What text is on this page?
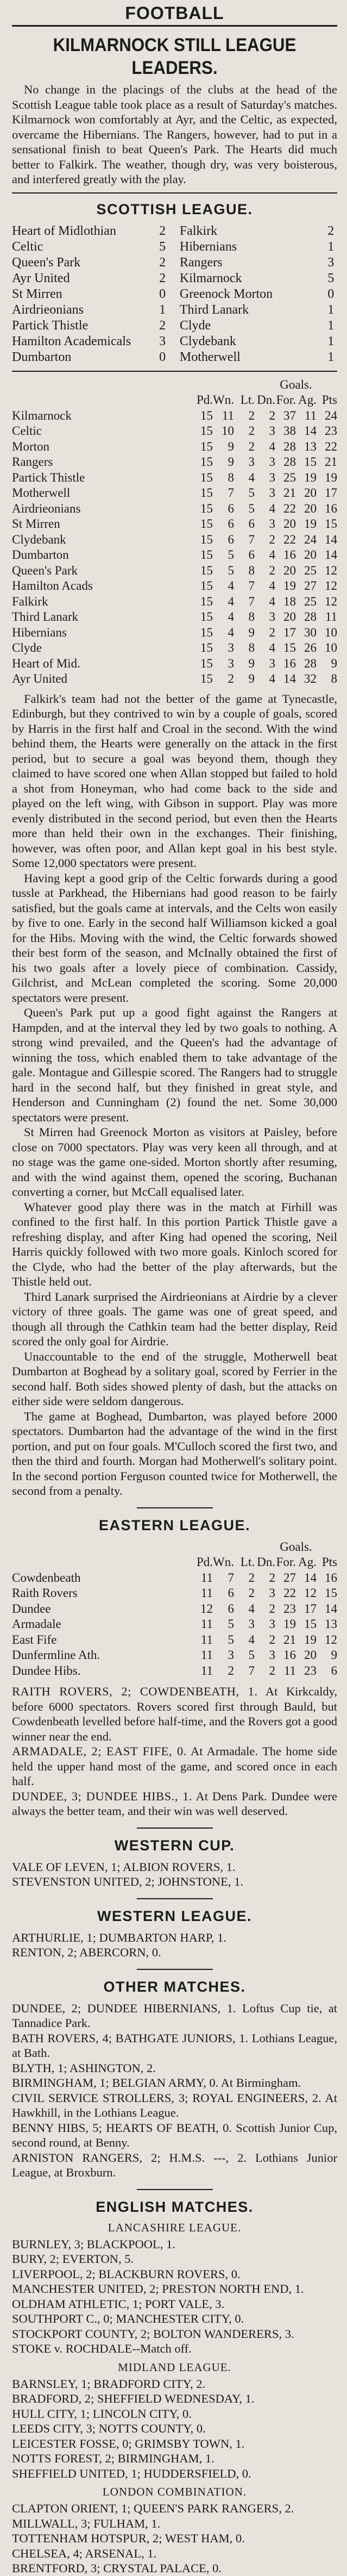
FOOTBALL
KILMARNOCK STILL LEAGUE
LEADERS.

No change in the placings of the clubs at the head of the Scottish League table took place as a result of Saturday's matches. Kilmarnock won comfortably at Ayr, and the Celtic, as expected, overcame the Hibernians. The Rangers, however, had to put in a sensational finish to beat Queen's Park. The Hearts did much better to Falkirk. The weather, though dry, was very boisterous, and interfered greatly with the play.

SCOTTISH LEAGUE.
Heart of Midlothian	2	Falkirk	2
Celtic	5	Hibernians	1
Queen's Park	2	Rangers	3
Ayr United	2	Kilmarnock	5
St Mirren	0	Greenock Morton	0
Airdrieonians	1	Third Lanark	1
Partick Thistle	2	Clyde	1
Hamilton Academicals	3	Clydebank	1
Dumbarton	0	Motherwell	1
					Goals.		
	Pd.	Wn.	Lt.	Dn.	For.	Ag.	Pts
Kilmarnock	15	11	2	2	37	11	24
Celtic	15	10	2	3	38	14	23
Morton	15	9	2	4	28	13	22
Rangers	15	9	3	3	28	15	21
Partick Thistle	15	8	4	3	25	19	19
Motherwell	15	7	5	3	21	20	17
Airdrieonians	15	6	5	4	22	20	16
St Mirren	15	6	6	3	20	19	15
Clydebank	15	6	7	2	22	24	14
Dumbarton	15	5	6	4	16	20	14
Queen's Park	15	5	8	2	20	25	12
Hamilton Acads	15	4	7	4	19	27	12
Falkirk	15	4	7	4	18	25	12
Third Lanark	15	4	8	3	20	28	11
Hibernians	15	4	9	2	17	30	10
Clyde	15	3	8	4	15	26	10
Heart of Mid.	15	3	9	3	16	28	9
Ayr United	15	2	9	4	14	32	8

Falkirk's team had not the better of the game at Tynecastle, Edinburgh, but they contrived to win by a couple of goals, scored by Harris in the first half and Croal in the second. With the wind behind them, the Hearts were generally on the attack in the first period, but to secure a goal was beyond them, though they claimed to have scored one when Allan stopped but failed to hold a shot from Honeyman, who had come back to the side and played on the left wing, with Gibson in support. Play was more evenly distributed in the second period, but even then the Hearts more than held their own in the exchanges. Their finishing, however, was often poor, and Allan kept goal in his best style. Some 12,000 spectators were present.

Having kept a good grip of the Celtic forwards during a good tussle at Parkhead, the Hibernians had good reason to be fairly satisfied, but the goals came at intervals, and the Celts won easily by five to one. Early in the second half Williamson kicked a goal for the Hibs. Moving with the wind, the Celtic forwards showed their best form of the season, and McInally obtained the first of his two goals after a lovely piece of combination. Cassidy, Gilchrist, and McLean completed the scoring. Some 20,000 spectators were present.

Queen's Park put up a good fight against the Rangers at Hampden, and at the interval they led by two goals to nothing. A strong wind prevailed, and the Queen's had the advantage of winning the toss, which enabled them to take advantage of the gale. Montague and Gillespie scored. The Rangers had to struggle hard in the second half, but they finished in great style, and Henderson and Cunningham (2) found the net. Some 30,000 spectators were present.

St Mirren had Greenock Morton as visitors at Paisley, before close on 7000 spectators. Play was very keen all through, and at no stage was the game one-sided. Morton shortly after resuming, and with the wind against them, opened the scoring, Buchanan converting a corner, but McCall equalised later.

Whatever good play there was in the match at Firhill was confined to the first half. In this portion Partick Thistle gave a refreshing display, and after King had opened the scoring, Neil Harris quickly followed with two more goals. Kinloch scored for the Clyde, who had the better of the play afterwards, but the Thistle held out.

Third Lanark surprised the Airdrieonians at Airdrie by a clever victory of three goals. The game was one of great speed, and though all through the Cathkin team had the better display, Reid scored the only goal for Airdrie.

Unaccountable to the end of the struggle, Motherwell beat Dumbarton at Boghead by a solitary goal, scored by Ferrier in the second half. Both sides showed plenty of dash, but the attacks on either side were seldom dangerous.

The game at Boghead, Dumbarton, was played before 2000 spectators. Dumbarton had the advantage of the wind in the first portion, and put on four goals. M'Culloch scored the first two, and then the third and fourth. Morgan had Motherwell's solitary point. In the second portion Ferguson counted twice for Motherwell, the second from a penalty.

EASTERN LEAGUE.
					Goals.		
	Pd.	Wn.	Lt.	Dn.	For.	Ag.	Pts
Cowdenbeath	11	7	2	2	27	14	16
Raith Rovers	11	6	2	3	22	12	15
Dundee	12	6	4	2	23	17	14
Armadale	11	5	3	3	19	15	13
East Fife	11	5	4	2	21	19	12
Dunfermline Ath.	11	3	5	3	16	20	9
Dundee Hibs.	11	2	7	2	11	23	6

RAITH ROVERS, 2; COWDENBEATH, 1. At Kirkcaldy, before 6000 spectators. Rovers scored first through Bauld, but Cowdenbeath levelled before half-time, and the Rovers got a good winner near the end.

ARMADALE, 2; EAST FIFE, 0. At Armadale. The home side held the upper hand most of the game, and scored once in each half.

DUNDEE, 3; DUNDEE HIBS., 1. At Dens Park. Dundee were always the better team, and their win was well deserved.

WESTERN CUP.

VALE OF LEVEN, 1; ALBION ROVERS, 1.

STEVENSTON UNITED, 2; JOHNSTONE, 1.

WESTERN LEAGUE.

ARTHURLIE, 1; DUMBARTON HARP, 1.

RENTON, 2; ABERCORN, 0.

OTHER MATCHES.

DUNDEE, 2; DUNDEE HIBERNIANS, 1. Loftus Cup tie, at Tannadice Park.

BATH ROVERS, 4; BATHGATE JUNIORS, 1. Lothians League, at Bath.

BLYTH, 1; ASHINGTON, 2.

BIRMINGHAM, 1; BELGIAN ARMY, 0. At Birmingham.

CIVIL SERVICE STROLLERS, 3; ROYAL ENGINEERS, 2. At Hawkhill, in the Lothians League.

BENNY HIBS, 5; HEARTS OF BEATH, 0. Scottish Junior Cup, second round, at Benny.

ARNISTON RANGERS, 2; H.M.S. ---, 2. Lothians Junior League, at Broxburn.

ENGLISH MATCHES.
LANCASHIRE LEAGUE.

BURNLEY, 3; BLACKPOOL, 1.

BURY, 2; EVERTON, 5.

LIVERPOOL, 2; BLACKBURN ROVERS, 0.

MANCHESTER UNITED, 2; PRESTON NORTH END, 1.

OLDHAM ATHLETIC, 1; PORT VALE, 3.

SOUTHPORT C., 0; MANCHESTER CITY, 0.

STOCKPORT COUNTY, 2; BOLTON WANDERERS, 3.

STOKE v. ROCHDALE--Match off.

MIDLAND LEAGUE.

BARNSLEY, 1; BRADFORD CITY, 2.

BRADFORD, 2; SHEFFIELD WEDNESDAY, 1.

HULL CITY, 1; LINCOLN CITY, 0.

LEEDS CITY, 3; NOTTS COUNTY, 0.

LEICESTER FOSSE, 0; GRIMSBY TOWN, 1.

NOTTS FOREST, 2; BIRMINGHAM, 1.

SHEFFIELD UNITED, 1; HUDDERSFIELD, 0.

LONDON COMBINATION.

CLAPTON ORIENT, 1; QUEEN'S PARK RANGERS, 2.

MILLWALL, 3; FULHAM, 1.

TOTTENHAM HOTSPUR, 2; WEST HAM, 0.

CHELSEA, 4; ARSENAL, 1.

BRENTFORD, 3; CRYSTAL PALACE, 0.
